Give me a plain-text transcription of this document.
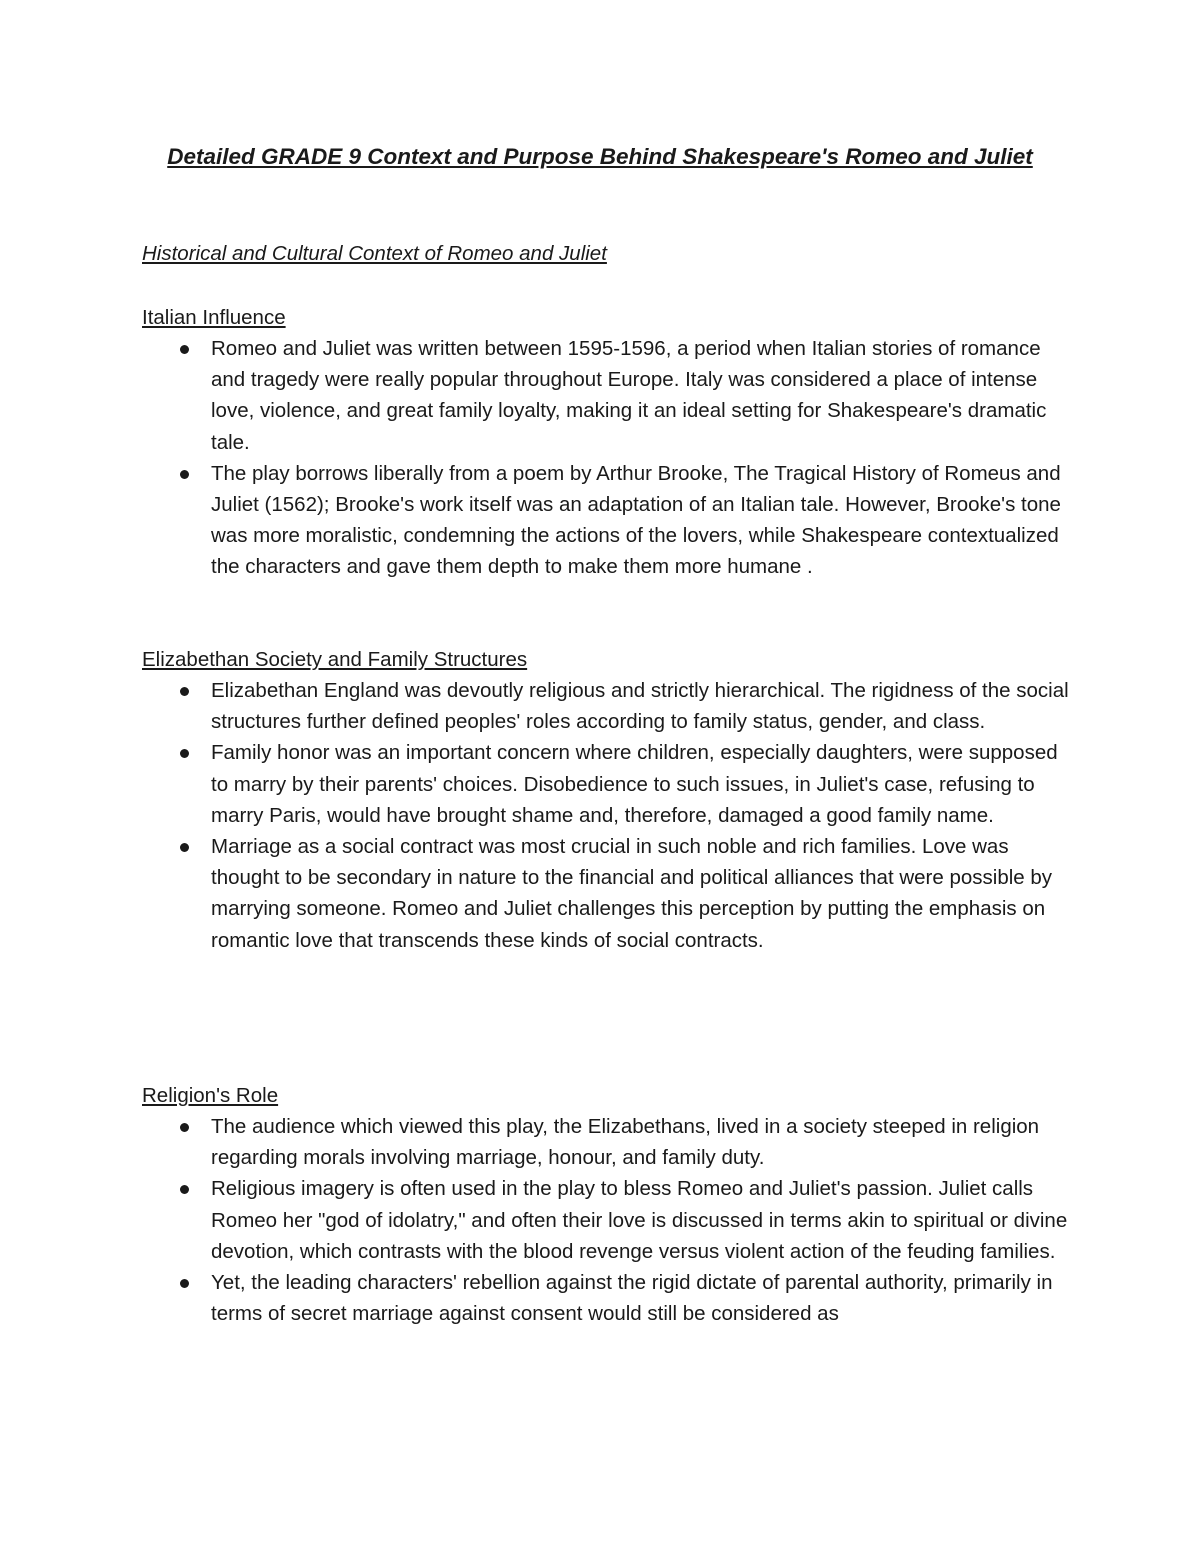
Detailed GRADE 9 Context and Purpose Behind Shakespeare's Romeo and Juliet
Historical and Cultural Context of Romeo and Juliet
Italian Influence
Romeo and Juliet was written between 1595-1596, a period when Italian stories of romance and tragedy were really popular throughout Europe. Italy was considered a place of intense love, violence, and great family loyalty, making it an ideal setting for Shakespeare's dramatic tale.
The play borrows liberally from a poem by Arthur Brooke, The Tragical History of Romeus and Juliet (1562); Brooke's work itself was an adaptation of an Italian tale. However, Brooke's tone was more moralistic, condemning the actions of the lovers, while Shakespeare contextualized the characters and gave them depth to make them more humane .
Elizabethan Society and Family Structures
Elizabethan England was devoutly religious and strictly hierarchical. The rigidness of the social structures further defined peoples' roles according to family status, gender, and class.
Family honor was an important concern where children, especially daughters, were supposed to marry by their parents' choices. Disobedience to such issues, in Juliet's case, refusing to marry Paris, would have brought shame and, therefore, damaged a good family name.
Marriage as a social contract was most crucial in such noble and rich families. Love was thought to be secondary in nature to the financial and political alliances that were possible by marrying someone. Romeo and Juliet challenges this perception by putting the emphasis on romantic love that transcends these kinds of social contracts.
Religion's Role
The audience which viewed this play, the Elizabethans, lived in a society steeped in religion regarding morals involving marriage, honour, and family duty.
Religious imagery is often used in the play to bless Romeo and Juliet's passion. Juliet calls Romeo her "god of idolatry," and often their love is discussed in terms akin to spiritual or divine devotion, which contrasts with the blood revenge versus violent action of the feuding families.
Yet, the leading characters' rebellion against the rigid dictate of parental authority, primarily in terms of secret marriage against consent would still be considered as
